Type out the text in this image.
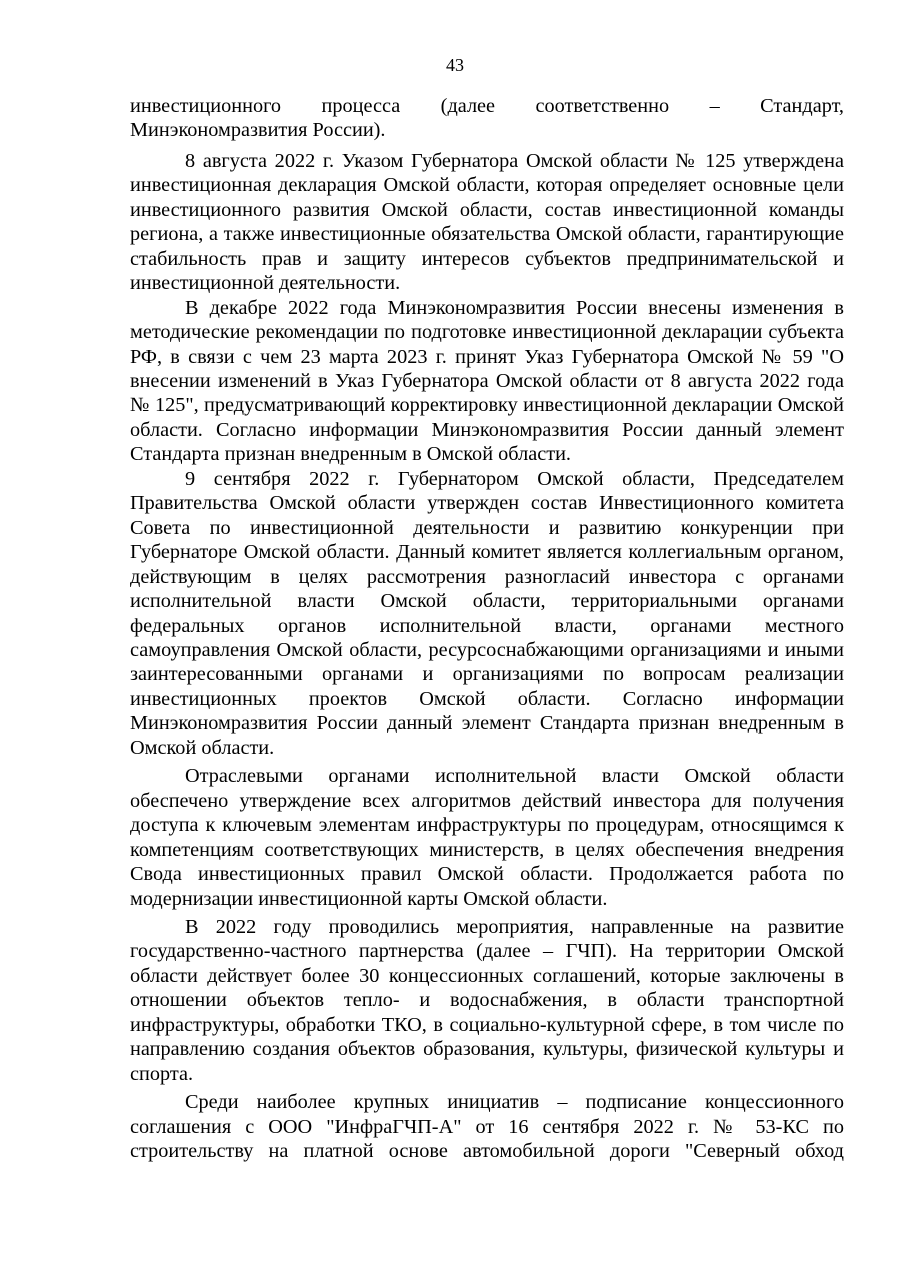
43

инвестиционного процесса (далее соответственно – Стандарт, Минэкономразвития России).

8 августа 2022 г. Указом Губернатора Омской области № 125 утверждена инвестиционная декларация Омской области, которая определяет основные цели инвестиционного развития Омской области, состав инвестиционной команды региона, а также инвестиционные обязательства Омской области, гарантирующие стабильность прав и защиту интересов субъектов предпринимательской и инвестиционной деятельности.

В декабре 2022 года Минэкономразвития России внесены изменения в методические рекомендации по подготовке инвестиционной декларации субъекта РФ, в связи с чем 23 марта 2023 г. принят Указ Губернатора Омской № 59 "О внесении изменений в Указ Губернатора Омской области от 8 августа 2022 года № 125", предусматривающий корректировку инвестиционной декларации Омской области. Согласно информации Минэкономразвития России данный элемент Стандарта признан внедренным в Омской области.

9 сентября 2022 г. Губернатором Омской области, Председателем Правительства Омской области утвержден состав Инвестиционного комитета Совета по инвестиционной деятельности и развитию конкуренции при Губернаторе Омской области. Данный комитет является коллегиальным органом, действующим в целях рассмотрения разногласий инвестора с органами исполнительной власти Омской области, территориальными органами федеральных органов исполнительной власти, органами местного самоуправления Омской области, ресурсоснабжающими организациями и иными заинтересованными органами и организациями по вопросам реализации инвестиционных проектов Омской области. Согласно информации Минэкономразвития России данный элемент Стандарта признан внедренным в Омской области.

Отраслевыми органами исполнительной власти Омской области обеспечено утверждение всех алгоритмов действий инвестора для получения доступа к ключевым элементам инфраструктуры по процедурам, относящимся к компетенциям соответствующих министерств, в целях обеспечения внедрения Свода инвестиционных правил Омской области. Продолжается работа по модернизации инвестиционной карты Омской области.

В 2022 году проводились мероприятия, направленные на развитие государственно-частного партнерства (далее – ГЧП). На территории Омской области действует более 30 концессионных соглашений, которые заключены в отношении объектов тепло- и водоснабжения, в области транспортной инфраструктуры, обработки ТКО, в социально-культурной сфере, в том числе по направлению создания объектов образования, культуры, физической культуры и спорта.

Среди наиболее крупных инициатив – подписание концессионного соглашения с ООО "ИнфраГЧП-А" от 16 сентября 2022 г. № 53-КС по строительству на платной основе автомобильной дороги "Северный обход
